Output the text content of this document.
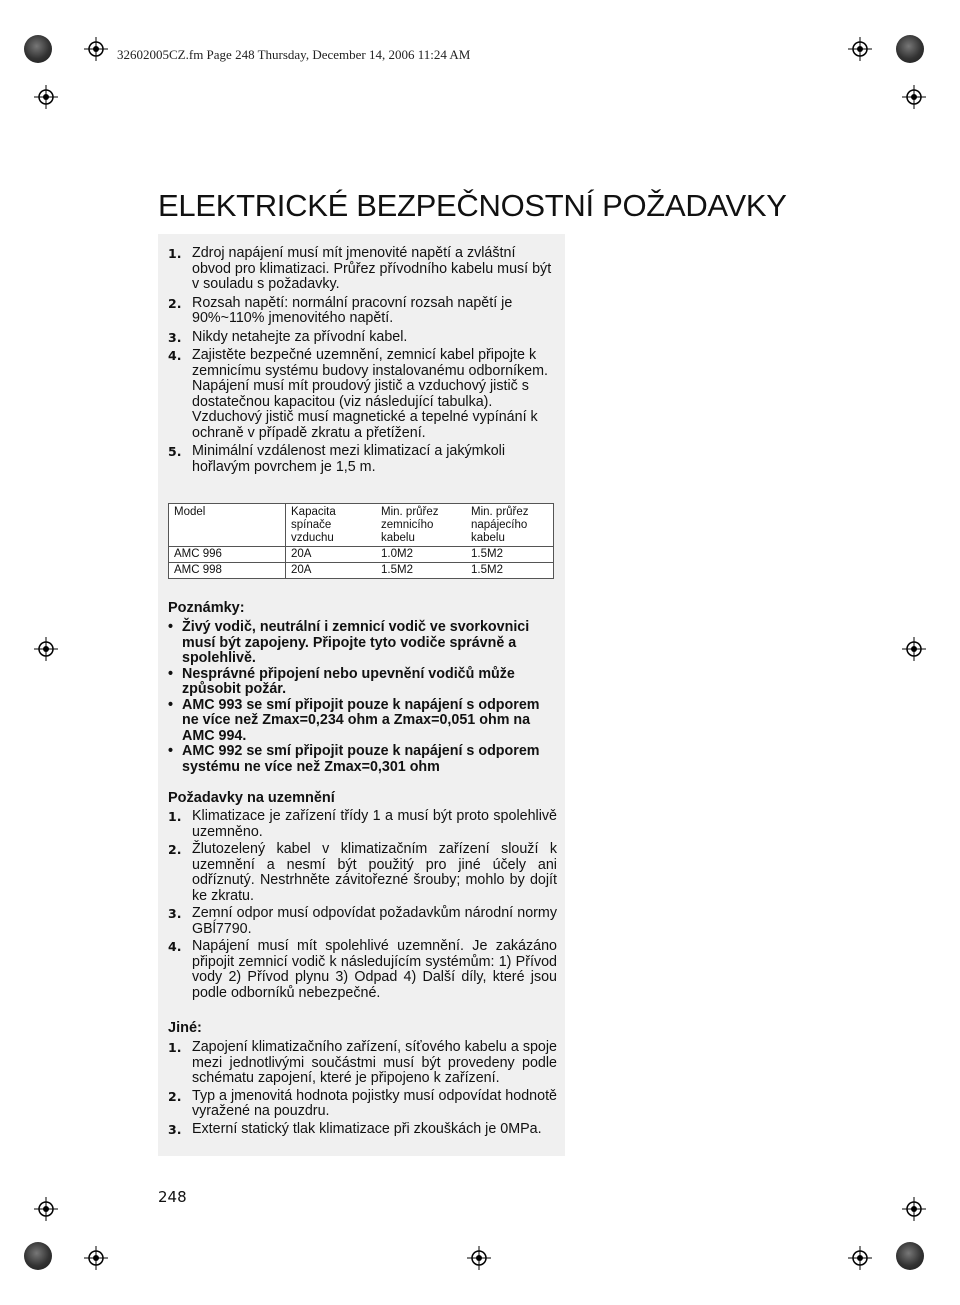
32602005CZ.fm Page 248 Thursday, December 14, 2006 11:24 AM
ELEKTRICKÉ BEZPEČNOSTNÍ POŽADAVKY
1. Zdroj napájení musí mít jmenovité napětí a zvláštní obvod pro klimatizaci. Průřez přívodního kabelu musí být v souladu s požadavky.
2. Rozsah napětí: normální pracovní rozsah napětí je 90%~110% jmenovitého napětí.
3. Nikdy netahejte za přívodní kabel.
4. Zajistěte bezpečné uzemnění, zemnicí kabel připojte k zemnicímu systému budovy instalovanému odborníkem. Napájení musí mít proudový jistič a vzduchový jistič s dostatečnou kapacitou (viz následující tabulka). Vzduchový jistič musí magnetické a tepelné vypínání k ochraně v případě zkratu a přetížení.
5. Minimální vzdálenost mezi klimatizací a jakýmkoli hořlavým povrchem je 1,5 m.
Model	Kapacita spínače vzduchu	Min. průřez zemnicího kabelu	Min. průřez napájecího kabelu
AMC 996	20A	1.0M2	1.5M2
AMC 998	20A	1.5M2	1.5M2
Poznámky:
• Živý vodič, neutrální i zemnicí vodič ve svorkovnici musí být zapojeny. Připojte tyto vodiče správně a spolehlivě.
• Nesprávné připojení nebo upevnění vodičů může způsobit požár.
• AMC 993 se smí připojit pouze k napájení s odporem ne více než Zmax=0,234 ohm a Zmax=0,051 ohm na AMC 994.
• AMC 992 se smí připojit pouze k napájení s odporem systému ne více než Zmax=0,301 ohm
Požadavky na uzemnění
1. Klimatizace je zařízení třídy 1 a musí být proto spolehlivě uzemněno.
2. Žlutozelený kabel v klimatizačním zařízení slouží k uzemnění a nesmí být použitý pro jiné účely ani odříznutý. Nestrhněte závitořezné šrouby; mohlo by dojít ke zkratu.
3. Zemní odpor musí odpovídat požadavkům národní normy GBĺ7790.
4. Napájení musí mít spolehlivé uzemnění. Je zakázáno připojit zemnicí vodič k následujícím systémům: 1) Přívod vody 2) Přívod plynu 3) Odpad 4) Další díly, které jsou podle odborníků nebezpečné.
Jiné:
1. Zapojení klimatizačního zařízení, síťového kabelu a spoje mezi jednotlivými součástmi musí být provedeny podle schématu zapojení, které je připojeno k zařízení.
2. Typ a jmenovitá hodnota pojistky musí odpovídat hodnotě vyražené na pouzdru.
3. Externí statický tlak klimatizace při zkouškách je 0MPa.
248
